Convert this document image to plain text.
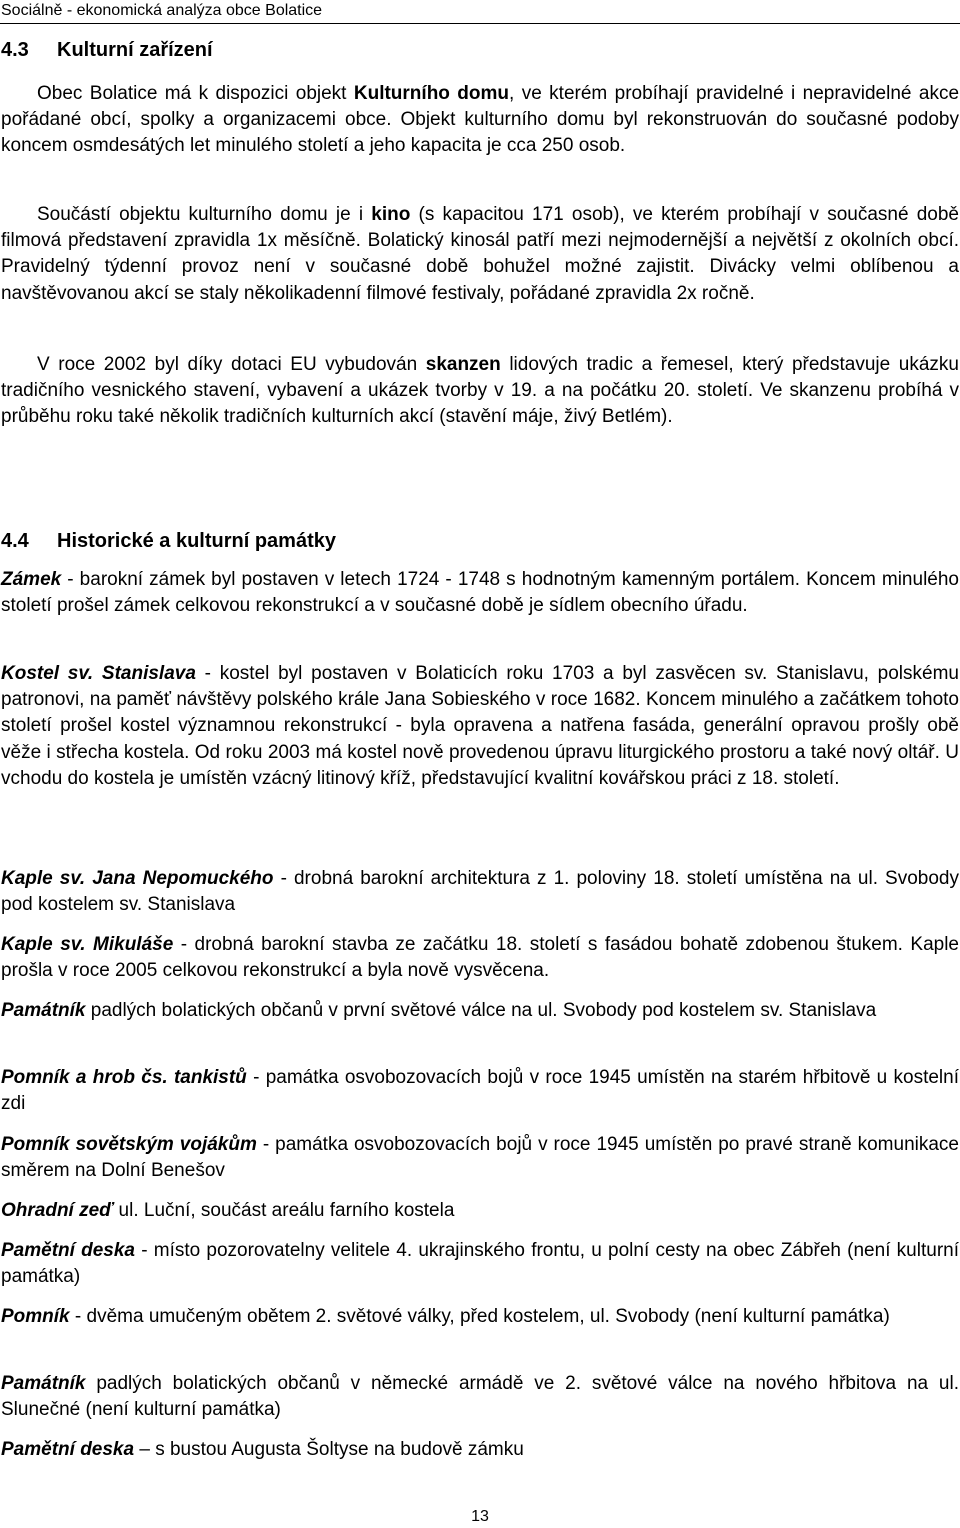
Sociálně - ekonomická analýza obce Bolatice
4.3 Kulturní zařízení

Obec Bolatice má k dispozici objekt Kulturního domu, ve kterém probíhají pravidelné i nepravidelné akce pořádané obcí, spolky a organizacemi obce. Objekt kulturního domu byl rekonstruován do současné podoby koncem osmdesátých let minulého století a jeho kapacita je cca 250 osob.

Součástí objektu kulturního domu je i kino (s kapacitou 171 osob), ve kterém probíhají v současné době filmová představení zpravidla 1x měsíčně. Bolatický kinosál patří mezi nejmodernější a největší z okolních obcí. Pravidelný týdenní provoz není v současné době bohužel možné zajistit. Divácky velmi oblíbenou a navštěvovanou akcí se staly několikadenní filmové festivaly, pořádané zpravidla 2x ročně.

V roce 2002 byl díky dotaci EU vybudován skanzen lidových tradic a řemesel, který představuje ukázku tradičního vesnického stavení, vybavení a ukázek tvorby v 19. a na počátku 20. století. Ve skanzenu probíhá v průběhu roku také několik tradičních kulturních akcí (stavění máje, živý Betlém).

4.4 Historické a kulturní památky

Zámek - barokní zámek byl postaven v letech 1724 - 1748 s hodnotným kamenným portálem. Koncem minulého století prošel zámek celkovou rekonstrukcí a v současné době je sídlem obecního úřadu.

Kostel sv. Stanislava - kostel byl postaven v Bolaticích roku 1703 a byl zasvěcen sv. Stanislavu, polskému patronovi, na paměť návštěvy polského krále Jana Sobieského v roce 1682. Koncem minulého a začátkem tohoto století prošel kostel významnou rekonstrukcí - byla opravena a natřena fasáda, generální opravou prošly obě věže i střecha kostela. Od roku 2003 má kostel nově provedenou úpravu liturgického prostoru a také nový oltář. U vchodu do kostela je umístěn vzácný litinový kříž, představující kvalitní kovářskou práci z 18. století.

Kaple sv. Jana Nepomuckého - drobná barokní architektura z 1. poloviny 18. století umístěna na ul. Svobody pod kostelem sv. Stanislava

Kaple sv. Mikuláše - drobná barokní stavba ze začátku 18. století s fasádou bohatě zdobenou štukem. Kaple prošla v roce 2005 celkovou rekonstrukcí a byla nově vysvěcena.

Památník padlých bolatických občanů v první světové válce na ul. Svobody pod kostelem sv. Stanislava

Pomník a hrob čs. tankistů - památka osvobozovacích bojů v roce 1945 umístěn na starém hřbitově u kostelní zdi

Pomník sovětským vojákům - památka osvobozovacích bojů v roce 1945 umístěn po pravé straně komunikace směrem na Dolní Benešov

Ohradní zeď ul. Luční, součást areálu farního kostela

Pamětní deska - místo pozorovatelny velitele 4. ukrajinského frontu, u polní cesty na obec Zábřeh (není kulturní památka)

Pomník - dvěma umučeným obětem 2. světové války, před kostelem, ul. Svobody (není kulturní památka)

Památník padlých bolatických občanů v německé armádě ve 2. světové válce na nového hřbitova na ul. Slunečné (není kulturní památka)

Pamětní deska – s bustou Augusta Šoltyse na budově zámku

13
